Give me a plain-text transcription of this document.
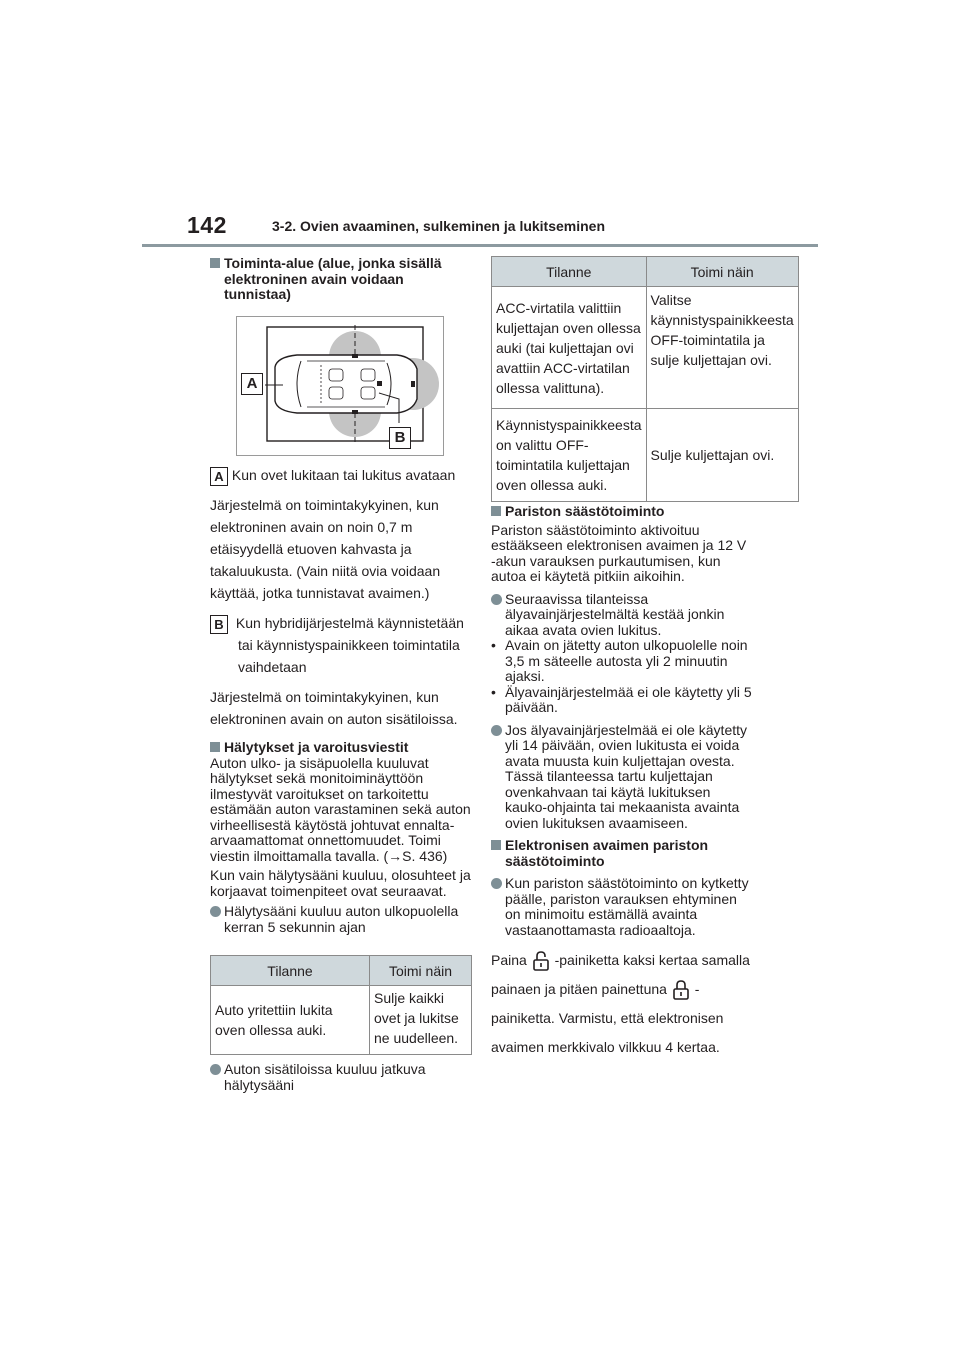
142	3-2. Ovien avaaminen, sulkeminen ja lukitseminen

Toiminta-alue (alue, jonka sisällä elektroninen avain voidaan tunnistaa)

A
B

A Kun ovet lukitaan tai lukitus avataan

Järjestelmä on toimintakykyinen, kun elektroninen avain on noin 0,7 m etäisyydellä etuoven kahvasta ja takaluukusta. (Vain niitä ovia voidaan käyttää, jotka tunnistavat avaimen.)

B Kun hybridijärjestelmä käynnistetään tai käynnistyspainikkeen toimintatila vaihdetaan

Järjestelmä on toimintakykyinen, kun elektroninen avain on auton sisätiloissa.

Hälytykset ja varoitusviestit

Auton ulko- ja sisäpuolella kuuluvat hälytykset sekä monitoiminäyttöön ilmestyvät varoitukset on tarkoitettu estämään auton varastaminen sekä auton virheellisestä käytöstä johtuvat ennalta-arvaamattomat onnettomuudet. Toimi viestin ilmoittamalla tavalla. (→S. 436)

Kun vain hälytysääni kuuluu, olosuhteet ja korjaavat toimenpiteet ovat seuraavat.

Hälytysääni kuuluu auton ulkopuolella kerran 5 sekunnin ajan

Tilanne	Toimi näin
Auto yritettiin lukita oven ollessa auki.	Sulje kaikki ovet ja lukitse ne uudelleen.

Auton sisätiloissa kuuluu jatkuva hälytysääni

Tilanne	Toimi näin
ACC-virtatila valittiin kuljettajan oven ollessa auki (tai kuljettajan ovi avattiin ACC-virtatilan ollessa valittuna).	Valitse käynnistyspainikkeesta OFF-toimintatila ja sulje kuljettajan ovi.
Käynnistyspainikkeesta on valittu OFF-toimintatila kuljettajan oven ollessa auki.	Sulje kuljettajan ovi.

Pariston säästötoiminto

Pariston säästötoiminto aktivoituu estääkseen elektronisen avaimen ja 12 V -akun varauksen purkautumisen, kun autoa ei käytetä pitkiin aikoihin.

Seuraavissa tilanteissa älyavainjärjestelmältä kestää jonkin aikaa avata ovien lukitus.

• Avain on jätetty auton ulkopuolelle noin 3,5 m säteelle autosta yli 2 minuutin ajaksi.

• Älyavainjärjestelmää ei ole käytetty yli 5 päivään.

Jos älyavainjärjestelmää ei ole käytetty yli 14 päivään, ovien lukitusta ei voida avata muusta kuin kuljettajan ovesta. Tässä tilanteessa tartu kuljettajan ovenkahvaan tai käytä lukituksen kauko-ohjainta tai mekaanista avainta ovien lukituksen avaamiseen.

Elektronisen avaimen pariston säästötoiminto

Kun pariston säästötoiminto on kytketty päälle, pariston varauksen ehtyminen on minimoitu estämällä avainta vastaanottamasta radioaaltoja.

Paina -painiketta kaksi kertaa samalla painaen ja pitäen painettuna -painiketta. Varmistu, että elektronisen avaimen merkkivalo vilkkuu 4 kertaa.
